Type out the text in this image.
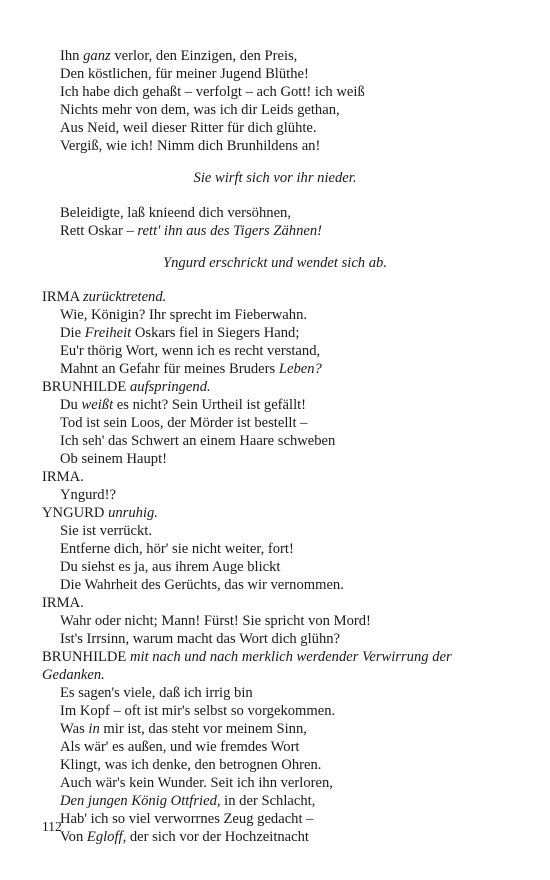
Ihn ganz verlor, den Einzigen, den Preis,
Den köstlichen, für meiner Jugend Blüthe!
Ich habe dich gehaßt – verfolgt – ach Gott! ich weiß
Nichts mehr von dem, was ich dir Leids gethan,
Aus Neid, weil dieser Ritter für dich glühte.
Vergiß, wie ich! Nimm dich Brunhildens an!
Sie wirft sich vor ihr nieder.
Beleidigte, laß knieend dich versöhnen,
Rett Oskar – rett' ihn aus des Tigers Zähnen!
Yngurd erschrickt und wendet sich ab.
IRMA zurücktretend.
Wie, Königin? Ihr sprecht im Fieberwahn.
Die Freiheit Oskars fiel in Siegers Hand;
Eu'r thörig Wort, wenn ich es recht verstand,
Mahnt an Gefahr für meines Bruders Leben?
BRUNHILDE aufspringend.
Du weißt es nicht? Sein Urtheil ist gefällt!
Tod ist sein Loos, der Mörder ist bestellt –
Ich seh' das Schwert an einem Haare schweben
Ob seinem Haupt!
IRMA.
Yngurd!?
YNGURD unruhig.
Sie ist verrückt.
Entferne dich, hör' sie nicht weiter, fort!
Du siehst es ja, aus ihrem Auge blickt
Die Wahrheit des Gerüchts, das wir vernommen.
IRMA.
Wahr oder nicht; Mann! Fürst! Sie spricht von Mord!
Ist's Irrsinn, warum macht das Wort dich glühn?
BRUNHILDE mit nach und nach merklich werdender Verwirrung der
Gedanken.
Es sagen's viele, daß ich irrig bin
Im Kopf – oft ist mir's selbst so vorgekommen.
Was in mir ist, das steht vor meinem Sinn,
Als wär' es außen, und wie fremdes Wort
Klingt, was ich denke, den betrognen Ohren.
Auch wär's kein Wunder. Seit ich ihn verloren,
Den jungen König Ottfried, in der Schlacht,
Hab' ich so viel verworrnes Zeug gedacht –
Von Egloff, der sich vor der Hochzeitnacht
112
